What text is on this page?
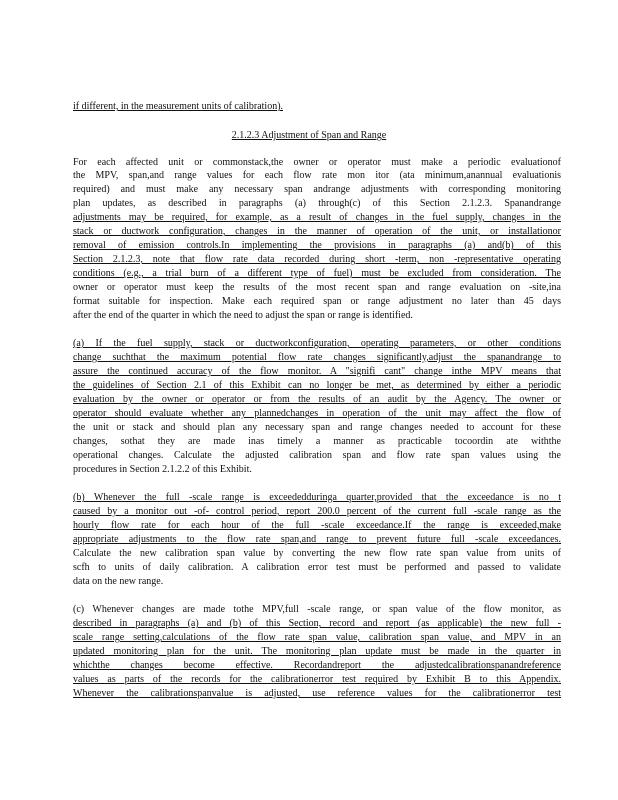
if different, in the measurement units of calibration).
2.1.2.3 Adjustment of Span and Range
For each affected unit or commonstack,the owner or operator must make a periodic evaluationof
the MPV, span,and range values for each flow rate mon itor (ata minimum,anannual evaluationis
required) and must make any necessary span andrange adjustments with corresponding monitoring
plan updates, as described in paragraphs (a) through(c) of this Section 2.1.2.3. Spanandrange
adjustments may be required, for example, as a result of changes in the fuel supply, changes in the
stack or ductwork configuration, changes in the manner of operation of the unit, or installationor
removal of emission controls.In implementing the provisions in paragraphs (a) and(b) of this
Section 2.1.2.3, note that flow rate data recorded during short -term, non -representative operating
conditions (e.g., a trial burn of a different type of fuel) must be excluded from consideration. The
owner or operator must keep the results of the most recent span and range evaluation on -site,ina
format suitable for inspection. Make each required span or range adjustment no later than 45 days
after the end of the quarter in which the need to adjust the span or range is identified.
(a) If the fuel supply, stack or ductworkconfiguration, operating parameters, or other conditions
change suchthat the maximum potential flow rate changes significantly,adjust the spanandrange to
assure the continued accuracy of the flow monitor. A "signifi cant" change inthe MPV means that
the guidelines of Section 2.1 of this Exhibit can no longer be met, as determined by either a periodic
evaluation by the owner or operator or from the results of an audit by the Agency. The owner or
operator should evaluate whether any plannedchanges in operation of the unit may affect the flow of
the unit or stack and should plan any necessary span and range changes needed to account for these
changes, sothat they are made inas timely a manner as practicable tocoordin ate withthe
operational changes. Calculate the adjusted calibration span and flow rate span values using the
procedures in Section 2.1.2.2 of this Exhibit.
(b) Whenever the full -scale range is exceededduringa quarter,provided that the exceedance is no t
caused by a monitor out -of- control period, report 200.0 percent of the current full -scale range as the
hourly flow rate for each hour of the full -scale exceedance.If the range is exceeded,make
appropriate adjustments to the flow rate span,and range to prevent future full -scale exceedances.
Calculate the new calibration span value by converting the new flow rate span value from units of
scfh to units of daily calibration. A calibration error test must be performed and passed to validate
data on the new range.
(c) Whenever changes are made tothe MPV,full -scale range, or span value of the flow monitor, as
described in paragraphs (a) and (b) of this Section, record and report (as applicable) the new full -
scale range setting,calculations of the flow rate span value, calibration span value, and MPV in an
updated monitoring plan for the unit. The monitoring plan update must be made in the quarter in
whichthe changes become effective. Recordandreport the adjustedcalibrationspanandreference
values as parts of the records for the calibrationerror test required by Exhibit B to this Appendix.
Whenever the calibrationspanvalue is adjusted, use reference values for the calibrationerror test
